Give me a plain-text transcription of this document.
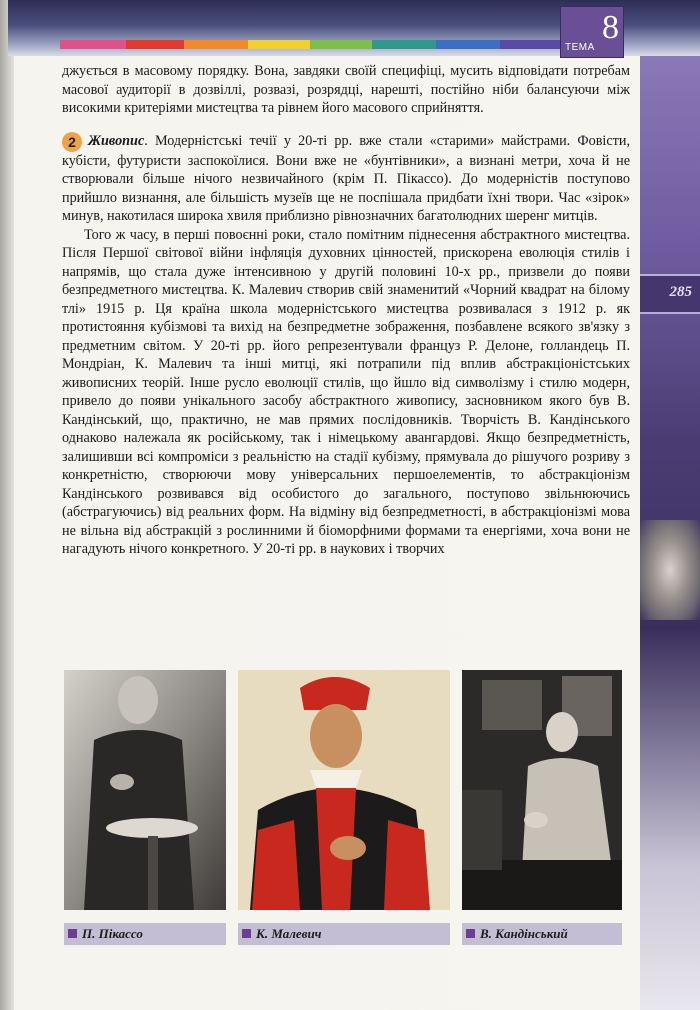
ТЕМА
8
285

джується в масовому порядку. Вона, завдяки своїй специфіці, мусить відповідати потребам масової аудиторії в дозвіллі, розвазі, розрядці, нарешті, постійно ніби балансуючи між високими критеріями мистецтва та рівнем його масового сприйняття.

2 Живопис. Модерністські течії у 20-ті рр. вже стали «старими» майстрами. Фовісти, кубісти, футуристи заспокоїлися. Вони вже не «бунтівники», а визнані метри, хоча й не створювали більше нічого незвичайного (крім П. Пікассо). До модерністів поступово прийшло визнання, але більшість музеїв ще не поспішала придбати їхні твори. Час «зірок» минув, накотилася широка хвиля приблизно рівнозначних багатолюдних шеренг митців.

Того ж часу, в перші повоєнні роки, стало помітним піднесення абстрактного мистецтва. Після Першої світової війни інфляція духовних цінностей, прискорена еволюція стилів і напрямів, що стала дуже інтенсивною у другій половині 10-х рр., призвели до появи безпредметного мистецтва. К. Малевич створив свій знаменитий «Чорний квадрат на білому тлі» 1915 р. Ця країна школа модерністського мистецтва розвивалася з 1912 р. як протистояння кубізмові та вихід на безпредметне зображення, позбавлене всякого зв'язку з предметним світом. У 20-ті рр. його репрезентували француз Р. Делоне, голландець П. Мондріан, К. Малевич та інші митці, які потрапили під вплив абстракціоністських живописних теорій. Інше русло еволюції стилів, що йшло від символізму і стилю модерн, привело до появи унікального засобу абстрактного живопису, засновником якого був В. Кандінський, що, практично, не мав прямих послідовників. Творчість В. Кандінського однаково належала як російському, так і німецькому авангардові. Якщо безпредметність, залишивши всі компроміси з реальністю на стадії кубізму, прямувала до рішучого розриву з конкретністю, створюючи мову універсальних першоелементів, то абстракціонізм Кандінського розвивався від особистого до загального, поступово звільнюючись (абстрагуючись) від реальних форм. На відміну від безпредметності, в абстракціонізмі мова не вільна від абстракцій з рослинними й біоморфними формами та енергіями, хоча вони не нагадують нічого конкретного. У 20-ті рр. в наукових і творчих

П. Пікассо	К. Малевич	В. Кандінський
